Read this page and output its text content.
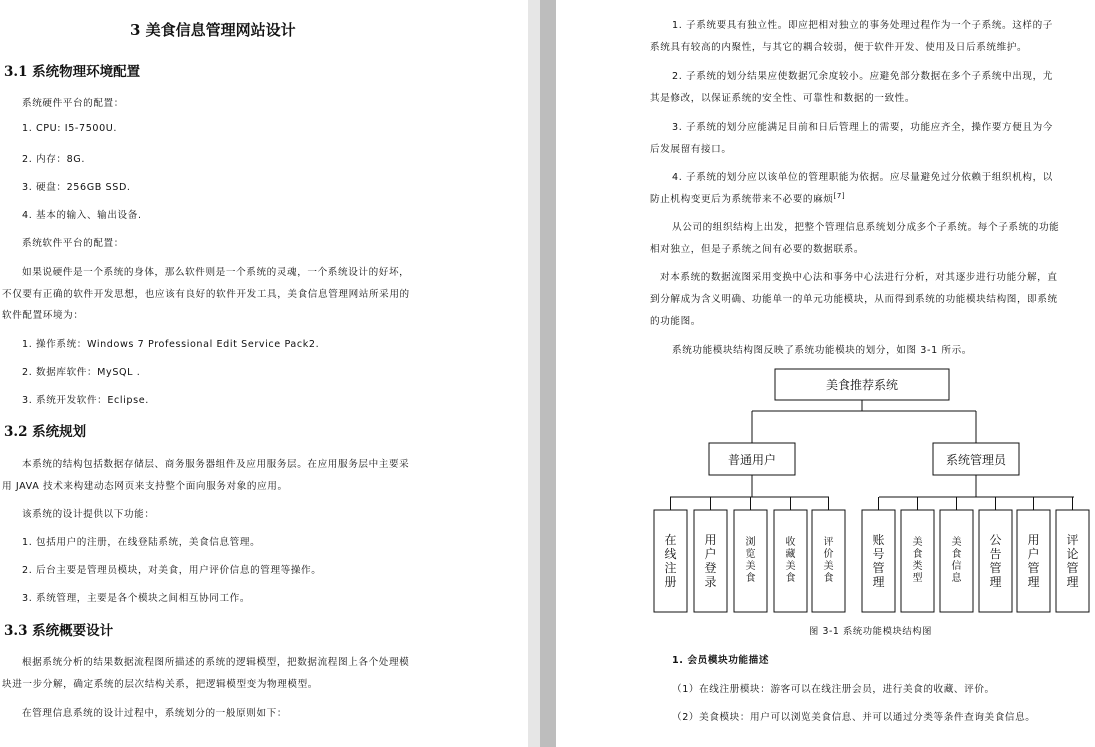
3 美食信息管理网站设计
3.1 系统物理环境配置
系统硬件平台的配置：
1. CPU: I5-7500U.
2. 内存：8G.
3. 硬盘：256GB SSD.
4. 基本的输入、输出设备.
系统软件平台的配置：
如果说硬件是一个系统的身体，那么软件则是一个系统的灵魂，一个系统设计的好坏，
不仅要有正确的软件开发思想，也应该有良好的软件开发工具，美食信息管理网站所采用的
软件配置环境为：
1. 操作系统：Windows 7 Professional Edit Service Pack2.
2. 数据库软件：MySQL .
3. 系统开发软件：Eclipse.
3.2 系统规划
本系统的结构包括数据存储层、商务服务器组件及应用服务层。在应用服务层中主要采
用 JAVA 技术来构建动态网页来支持整个面向服务对象的应用。
该系统的设计提供以下功能：
1. 包括用户的注册，在线登陆系统，美食信息管理。
2. 后台主要是管理员模块，对美食，用户评价信息的管理等操作。
3. 系统管理，主要是各个模块之间相互协同工作。
3.3 系统概要设计
根据系统分析的结果数据流程图所描述的系统的逻辑模型，把数据流程图上各个处理模
块进一步分解，确定系统的层次结构关系，把逻辑模型变为物理模型。
在管理信息系统的设计过程中，系统划分的一般原则如下：
1. 子系统要具有独立性。即应把相对独立的事务处理过程作为一个子系统。这样的子
系统具有较高的内聚性，与其它的耦合较弱，便于软件开发、使用及日后系统维护。
2. 子系统的划分结果应使数据冗余度较小。应避免部分数据在多个子系统中出现，尤
其是修改，以保证系统的安全性、可靠性和数据的一致性。
3. 子系统的划分应能满足目前和日后管理上的需要，功能应齐全，操作要方便且为今
后发展留有接口。
4. 子系统的划分应以该单位的管理职能为依据。应尽量避免过分依赖于组织机构，以
防止机构变更后为系统带来不必要的麻烦[7]
从公司的组织结构上出发，把整个管理信息系统划分成多个子系统。每个子系统的功能
相对独立，但是子系统之间有必要的数据联系。
对本系统的数据流图采用变换中心法和事务中心法进行分析，对其逐步进行功能分解，直
到分解成为含义明确、功能单一的单元功能模块，从而得到系统的功能模块结构图，即系统
的功能图。
系统功能模块结构图反映了系统功能模块的划分，如图 3-1 所示。
美食推荐系统
普通用户	系统管理员
在线注册
用户登录
浏览美食
收藏美食
评价美食
账号管理
美食类型
美食信息
公告管理
用户管理
评论管理
图 3-1 系统功能模块结构图
1. 会员模块功能描述
（1）在线注册模块：游客可以在线注册会员，进行美食的收藏、评价。
（2）美食模块：用户可以浏览美食信息、并可以通过分类等条件查询美食信息。
